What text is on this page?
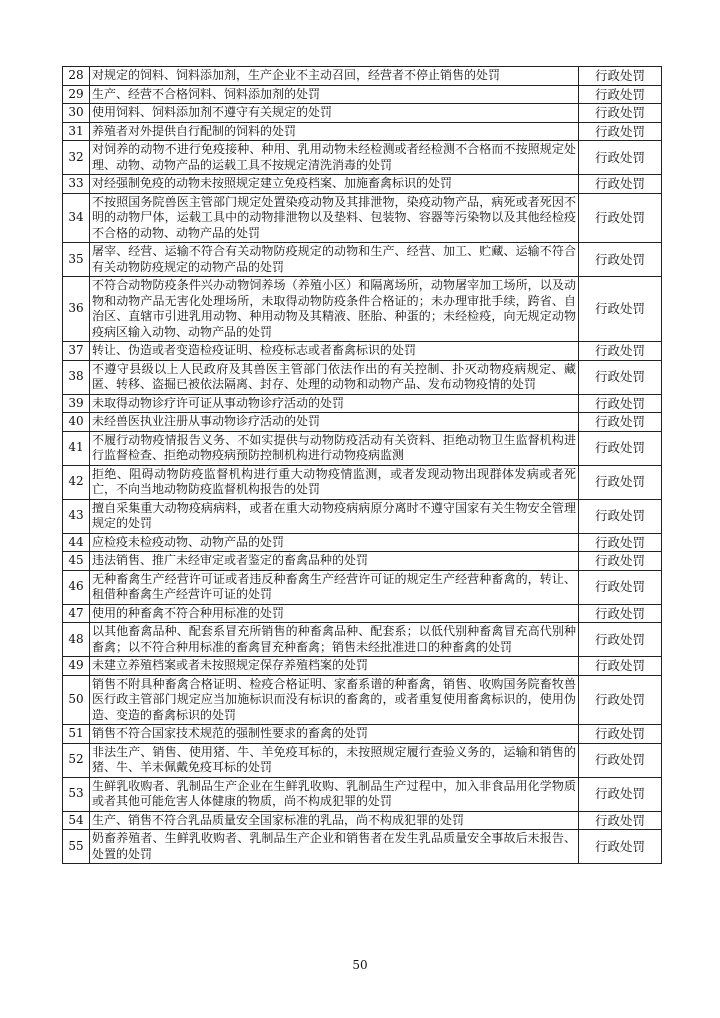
28	对规定的饲料、饲料添加剂，生产企业不主动召回，经营者不停止销售的处罚	行政处罚
29	生产、经营不合格饲料、饲料添加剂的处罚	行政处罚
30	使用饲料、饲料添加剂不遵守有关规定的处罚	行政处罚
31	养殖者对外提供自行配制的饲料的处罚	行政处罚
32	对饲养的动物不进行免疫接种、种用、乳用动物未经检测或者经检测不合格而不按照规定处理、动物、动物产品的运载工具不按规定清洗消毒的处罚	行政处罚
33	对经强制免疫的动物未按照规定建立免疫档案、加施畜禽标识的处罚	行政处罚
34	不按照国务院兽医主管部门规定处置染疫动物及其排泄物，染疫动物产品，病死或者死因不明的动物尸体，运载工具中的动物排泄物以及垫料、包装物、容器等污染物以及其他经检疫不合格的动物、动物产品的处罚	行政处罚
35	屠宰、经营、运输不符合有关动物防疫规定的动物和生产、经营、加工、贮藏、运输不符合有关动物防疫规定的动物产品的处罚	行政处罚
36	不符合动物防疫条件兴办动物饲养场（养殖小区）和隔离场所，动物屠宰加工场所，以及动物和动物产品无害化处理场所，未取得动物防疫条件合格证的；未办理审批手续，跨省、自治区、直辖市引进乳用动物、种用动物及其精液、胚胎、种蛋的；未经检疫，向无规定动物疫病区输入动物、动物产品的处罚	行政处罚
37	转让、伪造或者变造检疫证明、检疫标志或者畜禽标识的处罚	行政处罚
38	不遵守县级以上人民政府及其兽医主管部门依法作出的有关控制、扑灭动物疫病规定、藏匿、转移、盗掘已被依法隔离、封存、处理的动物和动物产品、发布动物疫情的处罚	行政处罚
39	未取得动物诊疗许可证从事动物诊疗活动的处罚	行政处罚
40	未经兽医执业注册从事动物诊疗活动的处罚	行政处罚
41	不履行动物疫情报告义务、不如实提供与动物防疫活动有关资料、拒绝动物卫生监督机构进行监督检查、拒绝动物疫病预防控制机构进行动物疫病监测	行政处罚
42	拒绝、阻碍动物防疫监督机构进行重大动物疫情监测，或者发现动物出现群体发病或者死亡，不向当地动物防疫监督机构报告的处罚	行政处罚
43	擅自采集重大动物疫病病料，或者在重大动物疫病病原分离时不遵守国家有关生物安全管理规定的处罚	行政处罚
44	应检疫未检疫动物、动物产品的处罚	行政处罚
45	违法销售、推广未经审定或者鉴定的畜禽品种的处罚	行政处罚
46	无种畜禽生产经营许可证或者违反种畜禽生产经营许可证的规定生产经营种畜禽的，转让、租借种畜禽生产经营许可证的处罚	行政处罚
47	使用的种畜禽不符合种用标准的处罚	行政处罚
48	以其他畜禽品种、配套系冒充所销售的种畜禽品种、配套系；以低代别种畜禽冒充高代别种畜禽；以不符合种用标准的畜禽冒充种畜禽；销售未经批准进口的种畜禽的处罚	行政处罚
49	未建立养殖档案或者未按照规定保存养殖档案的处罚	行政处罚
50	销售不附具种畜禽合格证明、检疫合格证明、家畜系谱的种畜禽，销售、收购国务院畜牧兽医行政主管部门规定应当加施标识而没有标识的畜禽的，或者重复使用畜禽标识的，使用伪造、变造的畜禽标识的处罚	行政处罚
51	销售不符合国家技术规范的强制性要求的畜禽的处罚	行政处罚
52	非法生产、销售、使用猪、牛、羊免疫耳标的，未按照规定履行查验义务的，运输和销售的猪、牛、羊未佩戴免疫耳标的处罚	行政处罚
53	生鲜乳收购者、乳制品生产企业在生鲜乳收购、乳制品生产过程中，加入非食品用化学物质或者其他可能危害人体健康的物质，尚不构成犯罪的处罚	行政处罚
54	生产、销售不符合乳品质量安全国家标准的乳品，尚不构成犯罪的处罚	行政处罚
55	奶畜养殖者、生鲜乳收购者、乳制品生产企业和销售者在发生乳品质量安全事故后未报告、处置的处罚	行政处罚
50
